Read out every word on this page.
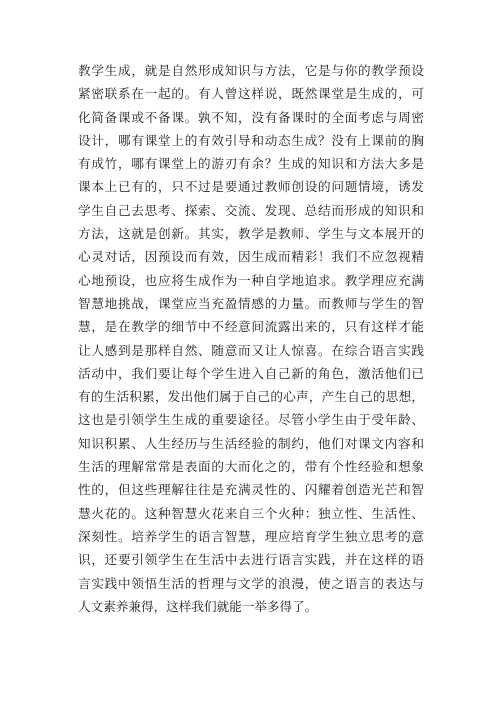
教学生成，就是自然形成知识与方法，它是与你的教学预设
紧密联系在一起的。有人曾这样说，既然课堂是生成的，可
化简备课或不备课。孰不知，没有备课时的全面考虑与周密
设计，哪有课堂上的有效引导和动态生成？没有上课前的胸
有成竹，哪有课堂上的游刃有余？生成的知识和方法大多是
课本上已有的，只不过是要通过教师创设的问题情境，诱发
学生自己去思考、探索、交流、发现、总结而形成的知识和
方法，这就是创新。其实，教学是教师、学生与文本展开的
心灵对话，因预设而有效，因生成而精彩！我们不应忽视精
心地预设，也应将生成作为一种自学地追求。教学理应充满
智慧地挑战，课堂应当充盈情感的力量。而教师与学生的智
慧，是在教学的细节中不经意间流露出来的，只有这样才能
让人感到是那样自然、随意而又让人惊喜。在综合语言实践
活动中，我们要让每个学生进入自己新的角色，激活他们已
有的生活积累，发出他们属于自己的心声，产生自己的思想，
这也是引领学生生成的重要途径。尽管小学生由于受年龄、
知识积累、人生经历与生活经验的制约，他们对课文内容和
生活的理解常常是表面的大而化之的，带有个性经验和想象
性的，但这些理解往往是充满灵性的、闪耀着创造光芒和智
慧火花的。这种智慧火花来自三个火种：独立性、生活性、
深刻性。培养学生的语言智慧，理应培育学生独立思考的意
识，还要引领学生在生活中去进行语言实践，并在这样的语
言实践中领悟生活的哲理与文学的浪漫，使之语言的表达与
人文素养兼得，这样我们就能一举多得了。
